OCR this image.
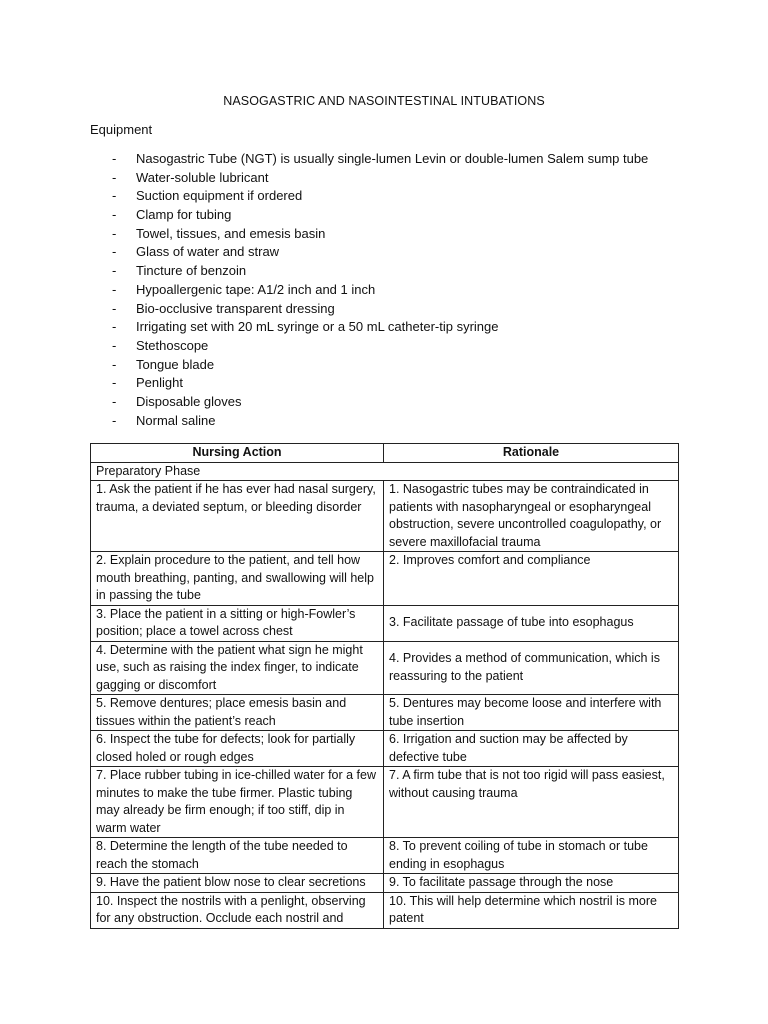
NASOGASTRIC AND NASOINTESTINAL INTUBATIONS
Equipment
- Nasogastric Tube (NGT) is usually single-lumen Levin or double-lumen Salem sump tube
- Water-soluble lubricant
- Suction equipment if ordered
- Clamp for tubing
- Towel, tissues, and emesis basin
- Glass of water and straw
- Tincture of benzoin
- Hypoallergenic tape: A1/2 inch and 1 inch
- Bio-occlusive transparent dressing
- Irrigating set with 20 mL syringe or a 50 mL catheter-tip syringe
- Stethoscope
- Tongue blade
- Penlight
- Disposable gloves
- Normal saline
Nursing Action	Rationale
Preparatory Phase	
1. Ask the patient if he has ever had nasal surgery, trauma, a deviated septum, or bleeding disorder	1. Nasogastric tubes may be contraindicated in patients with nasopharyngeal or esopharyngeal obstruction, severe uncontrolled coagulopathy, or severe maxillofacial trauma
2. Explain procedure to the patient, and tell how mouth breathing, panting, and swallowing will help in passing the tube	2. Improves comfort and compliance
3. Place the patient in a sitting or high-Fowler’s position; place a towel across chest	3. Facilitate passage of tube into esophagus
4. Determine with the patient what sign he might use, such as raising the index finger, to indicate gagging or discomfort	4. Provides a method of communication, which is reassuring to the patient
5. Remove dentures; place emesis basin and tissues within the patient’s reach	5. Dentures may become loose and interfere with tube insertion
6. Inspect the tube for defects; look for partially closed holed or rough edges	6. Irrigation and suction may be affected by defective tube
7. Place rubber tubing in ice-chilled water for a few minutes to make the tube firmer. Plastic tubing may already be firm enough; if too stiff, dip in warm water	7. A firm tube that is not too rigid will pass easiest, without causing trauma
8. Determine the length of the tube needed to reach the stomach	8. To prevent coiling of tube in stomach or tube ending in esophagus
9. Have the patient blow nose to clear secretions	9. To facilitate passage through the nose
10. Inspect the nostrils with a penlight, observing for any obstruction. Occlude each nostril and	10. This will help determine which nostril is more patent
